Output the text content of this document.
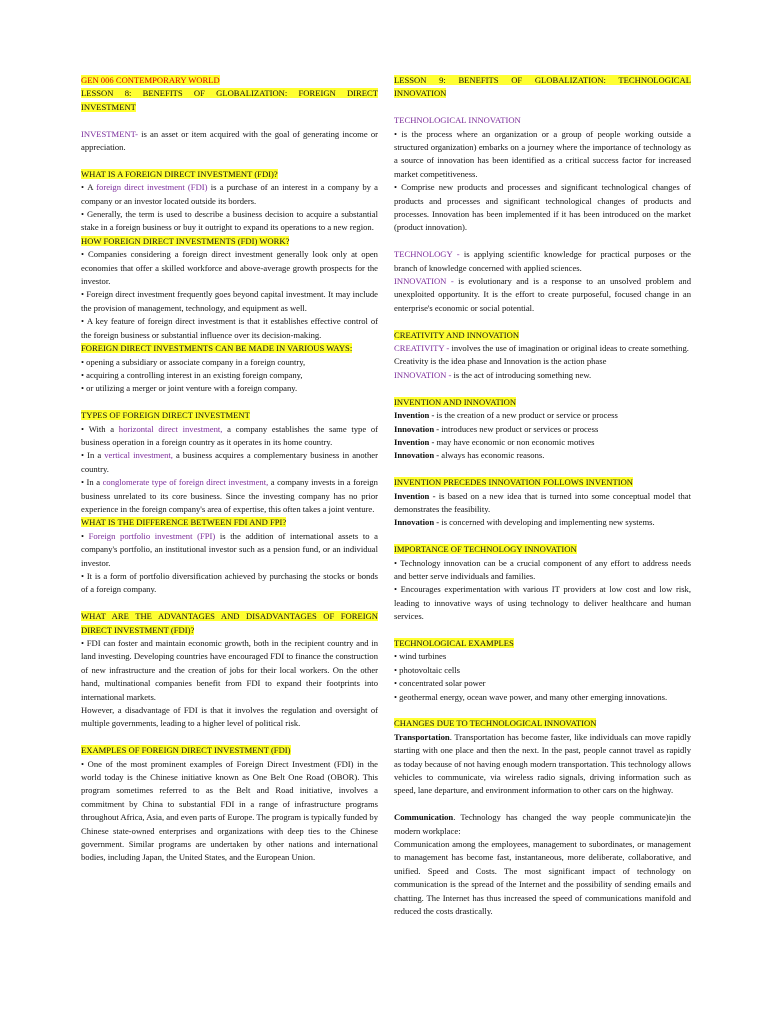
GEN 006 CONTEMPORARY WORLD

LESSON 8: BENEFITS OF GLOBALIZATION: FOREIGN DIRECT INVESTMENT

INVESTMENT- is an asset or item acquired with the goal of generating income or appreciation.

WHAT IS A FOREIGN DIRECT INVESTMENT (FDI)?

• A foreign direct investment (FDI) is a purchase of an interest in a company by a company or an investor located outside its borders.

• Generally, the term is used to describe a business decision to acquire a substantial stake in a foreign business or buy it outright to expand its operations to a new region.

HOW FOREIGN DIRECT INVESTMENTS (FDI) WORK?

• Companies considering a foreign direct investment generally look only at open economies that offer a skilled workforce and above-average growth prospects for the investor.

• Foreign direct investment frequently goes beyond capital investment. It may include the provision of management, technology, and equipment as well.

• A key feature of foreign direct investment is that it establishes effective control of the foreign business or substantial influence over its decision-making.

FOREIGN DIRECT INVESTMENTS CAN BE MADE IN VARIOUS WAYS:

• opening a subsidiary or associate company in a foreign country,

• acquiring a controlling interest in an existing foreign company,

• or utilizing a merger or joint venture with a foreign company.

TYPES OF FOREIGN DIRECT INVESTMENT

• With a horizontal direct investment, a company establishes the same type of business operation in a foreign country as it operates in its home country.

• In a vertical investment, a business acquires a complementary business in another country.

• In a conglomerate type of foreign direct investment, a company invests in a foreign business unrelated to its core business. Since the investing company has no prior experience in the foreign company's area of expertise, this often takes a joint venture.

WHAT IS THE DIFFERENCE BETWEEN FDI AND FPI?

• Foreign portfolio investment (FPI) is the addition of international assets to a company's portfolio, an institutional investor such as a pension fund, or an individual investor.

• It is a form of portfolio diversification achieved by purchasing the stocks or bonds of a foreign company.

WHAT ARE THE ADVANTAGES AND DISADVANTAGES OF FOREIGN DIRECT INVESTMENT (FDI)?

• FDI can foster and maintain economic growth, both in the recipient country and in land investing. Developing countries have encouraged FDI to finance the construction of new infrastructure and the creation of jobs for their local workers. On the other hand, multinational companies benefit from FDI to expand their footprints into international markets.

However, a disadvantage of FDI is that it involves the regulation and oversight of multiple governments, leading to a higher level of political risk.

EXAMPLES OF FOREIGN DIRECT INVESTMENT (FDI)

• One of the most prominent examples of Foreign Direct Investment (FDI) in the world today is the Chinese initiative known as One Belt One Road (OBOR). This program sometimes referred to as the Belt and Road initiative, involves a commitment by China to substantial FDI in a range of infrastructure programs throughout Africa, Asia, and even parts of Europe. The program is typically funded by Chinese state-owned enterprises and organizations with deep ties to the Chinese government. Similar programs are undertaken by other nations and international bodies, including Japan, the United States, and the European Union.

LESSON 9: BENEFITS OF GLOBALIZATION: TECHNOLOGICAL INNOVATION

TECHNOLOGICAL INNOVATION

• is the process where an organization or a group of people working outside a structured organization) embarks on a journey where the importance of technology as a source of innovation has been identified as a critical success factor for increased market competitiveness.

• Comprise new products and processes and significant technological changes of products and processes and significant technological changes of products and processes. Innovation has been implemented if it has been introduced on the market (product innovation).

TECHNOLOGY - is applying scientific knowledge for practical purposes or the branch of knowledge concerned with applied sciences.

INNOVATION - is evolutionary and is a response to an unsolved problem and unexploited opportunity. It is the effort to create purposeful, focused change in an enterprise's economic or social potential.

CREATIVITY AND INNOVATION

CREATIVITY - involves the use of imagination or original ideas to create something.

Creativity is the idea phase and Innovation is the action phase

INNOVATION - is the act of introducing something new.

INVENTION AND INNOVATION

Invention - is the creation of a new product or service or process

Innovation - introduces new product or services or process

Invention - may have economic or non economic motives

Innovation - always has economic reasons.

INVENTION PRECEDES INNOVATION FOLLOWS INVENTION

Invention - is based on a new idea that is turned into some conceptual model that demonstrates the feasibility.

Innovation - is concerned with developing and implementing new systems.

IMPORTANCE OF TECHNOLOGY INNOVATION

• Technology innovation can be a crucial component of any effort to address needs and better serve individuals and families.

• Encourages experimentation with various IT providers at low cost and low risk, leading to innovative ways of using technology to deliver healthcare and human services.

TECHNOLOGICAL EXAMPLES

• wind turbines

• photovoltaic cells

• concentrated solar power

• geothermal energy, ocean wave power, and many other emerging innovations.

CHANGES DUE TO TECHNOLOGICAL INNOVATION

Transportation. Transportation has become faster, like individuals can move rapidly starting with one place and then the next. In the past, people cannot travel as rapidly as today because of not having enough modern transportation. This technology allows vehicles to communicate, via wireless radio signals, driving information such as speed, lane departure, and environment information to other cars on the highway.

Communication. Technology has changed the way people communicate)in the modern workplace:

Communication among the employees, management to subordinates, or management to management has become fast, instantaneous, more deliberate, collaborative, and unified. Speed and Costs. The most significant impact of technology on communication is the spread of the Internet and the possibility of sending emails and chatting. The Internet has thus increased the speed of communications manifold and reduced the costs drastically.
